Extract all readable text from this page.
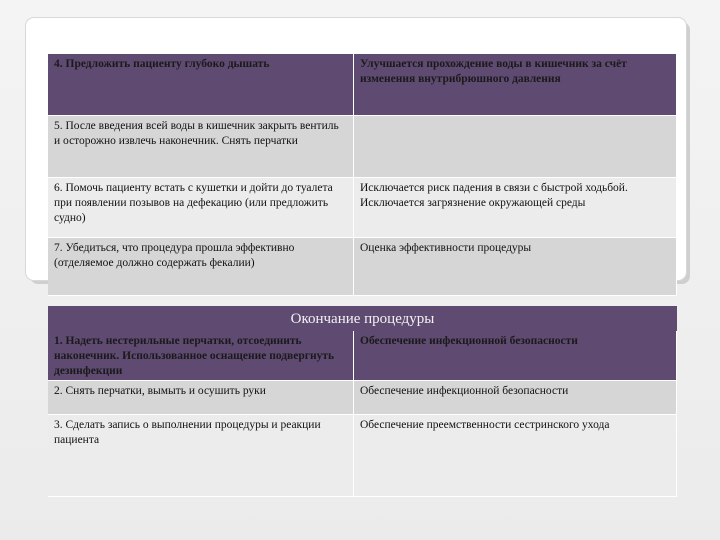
4. Предложить пациенту глубоко дышать	Улучшается прохождение воды в кишечник за счёт изменения внутрибрюшного давления
5. После введения всей воды в кишечник закрыть вентиль и осторожно извлечь наконечник. Снять перчатки
6. Помочь пациенту встать с кушетки и дойти до туалета при появлении позывов на дефекацию (или предложить судно)
Исключается риск падения в связи с быстрой ходьбой.
Исключается загрязнение окружающей среды
7. Убедиться, что процедура прошла эффективно (отделяемое должно содержать фекалии)
Оценка эффективности процедуры
Окончание процедуры
1. Надеть нестерильные перчатки, отсоединить наконечник. Использованное оснащение подвергнуть дезинфекции
Обеспечение инфекционной безопасности
2. Снять перчатки, вымыть и осушить руки	Обеспечение инфекционной безопасности
3. Сделать запись о выполнении процедуры и реакции пациента
Обеспечение преемственности сестринского ухода
